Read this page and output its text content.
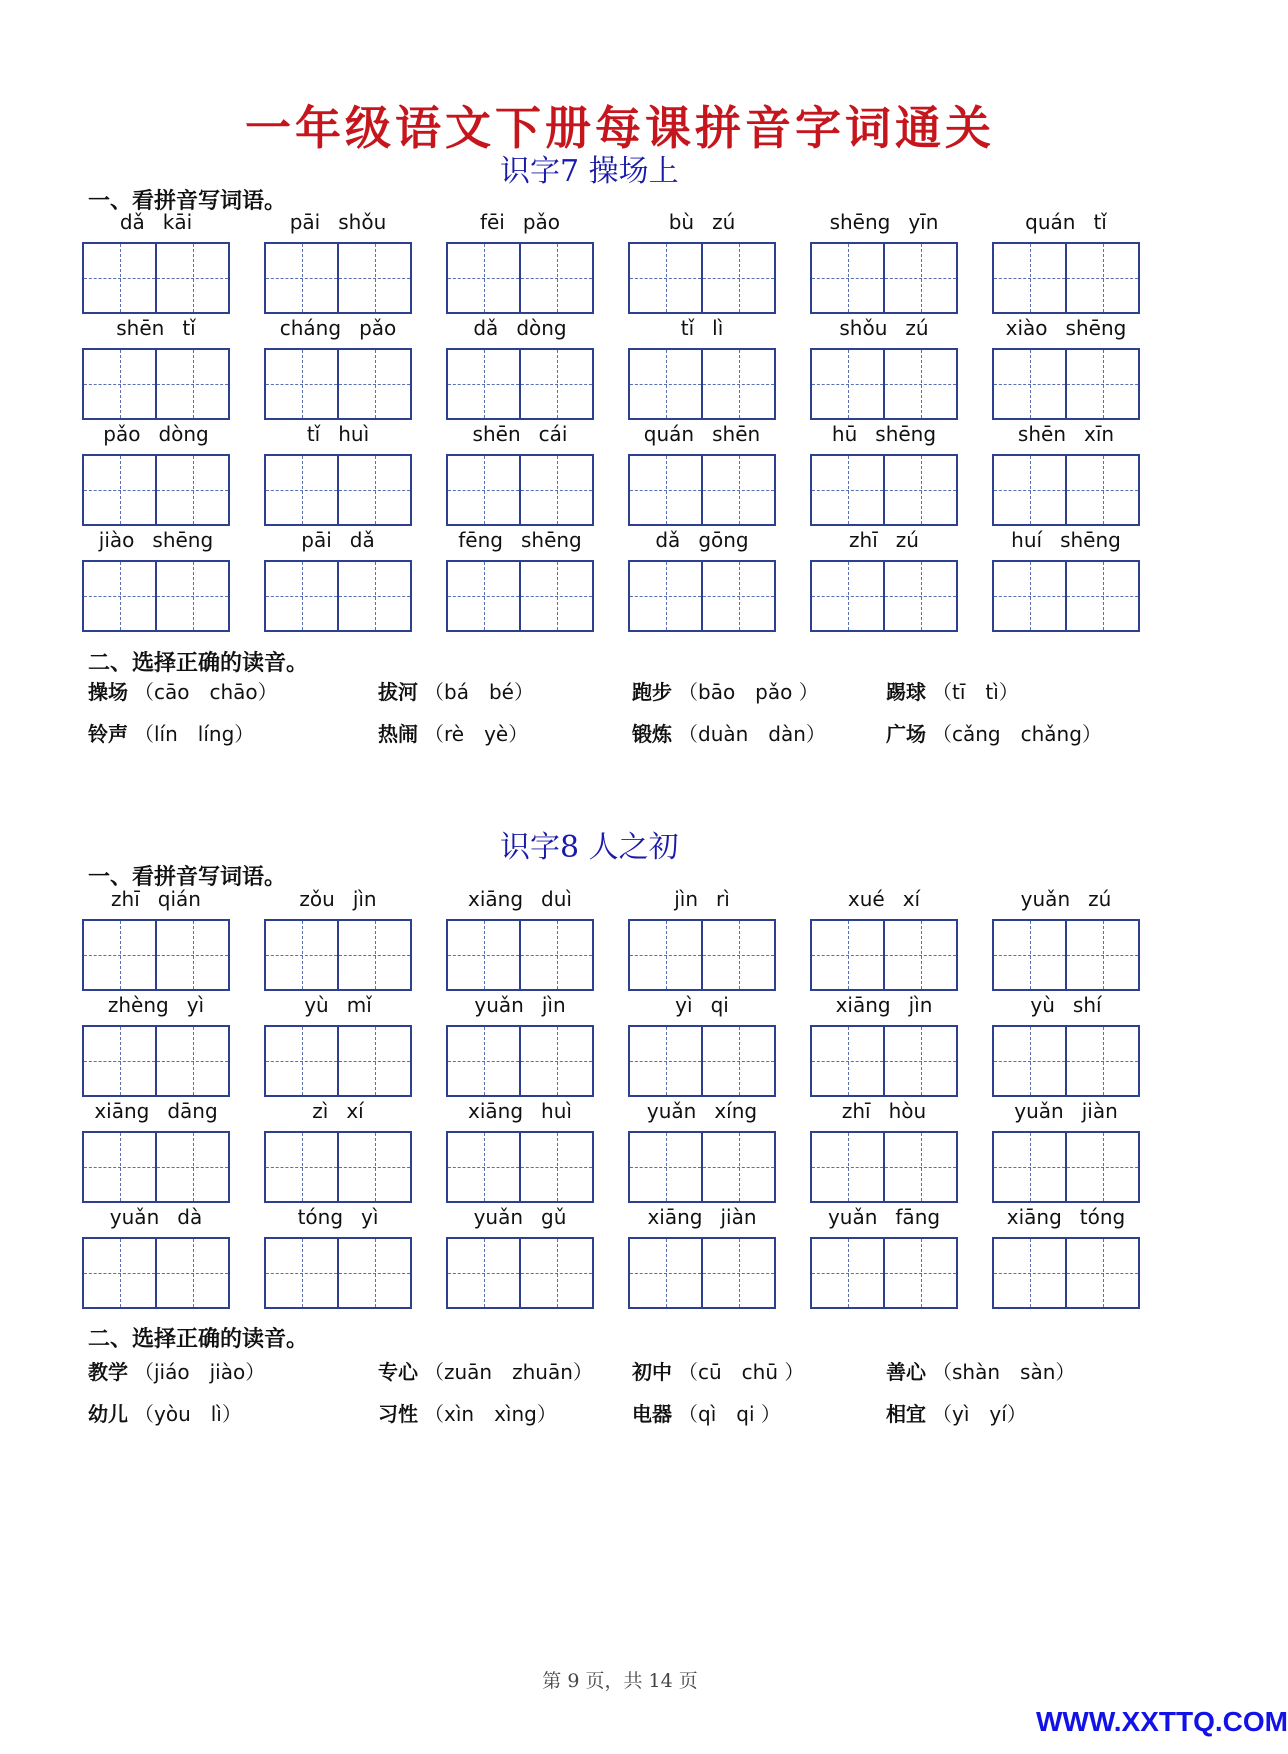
一年级语文下册每课拼音字词通关
识字7 操场上
一、看拼音写词语。
dǎ kāi	pāi shǒu	fēi pǎo	bù zú	shēng yīn	quán tǐ
shēn tǐ	cháng pǎo	dǎ dòng	tǐ lì	shǒu zú	xiào shēng
pǎo dòng	tǐ huì	shēn cái	quán shēn	hū shēng	shēn xīn
jiào shēng	pāi dǎ	fēng shēng	dǎ gōng	zhī zú	huí shēng
二、选择正确的读音。
操场 （cāo　chāo）	拔河 （bá　bé）	跑步 （bāo　pǎo ）	踢球 （tī　tì）
铃声 （lín　líng）	热闹 （rè　yè）	锻炼 （duàn　dàn）	广场 （cǎng　chǎng）
识字8 人之初
一、看拼音写词语。
zhī qián	zǒu jìn	xiāng duì	jìn rì	xué xí	yuǎn zú
zhèng yì	yù mǐ	yuǎn jìn	yì qi	xiāng jìn	yù shí
xiāng dāng	zì xí	xiāng huì	yuǎn xíng	zhī hòu	yuǎn jiàn
yuǎn dà	tóng yì	yuǎn gǔ	xiāng jiàn	yuǎn fāng	xiāng tóng
二、选择正确的读音。
教学 （jiáo　jiào）	专心 （zuān　zhuān） 初中 （cū　chū ）	善心 （shàn　sàn）
幼儿 （yòu　lì）	习性 （xìn　xìng）	电器 （qì　qi ）	相宜 （yì　yí）
第 9 页，共 14 页
WWW.XXTTQ.COM
